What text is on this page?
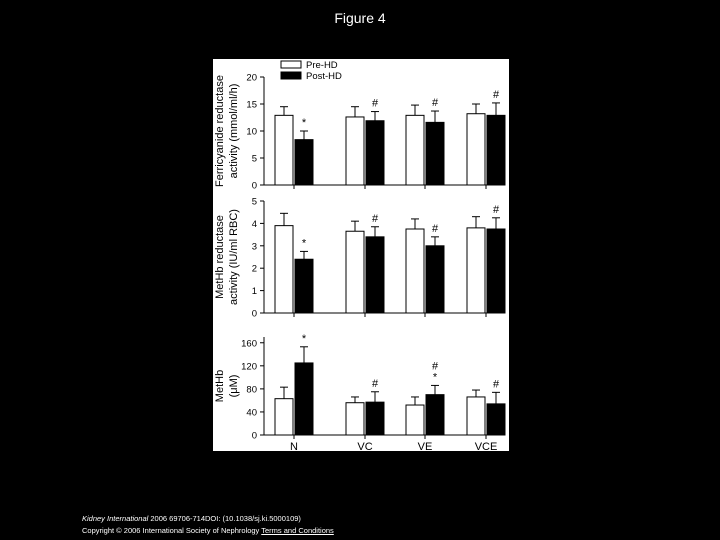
Figure 4
0
5
10
15
20
Ferricyanide reductase activity (mmol/ml/h)	*
#	#
#
Pre-HD
Post-HD
0
1
2
3
4
5
MetHb reductase activity (IU/ml RBC)	*
#
#
#
0
40
80
120
160
MetHb (μM)
*
#
#
*
#
N	VC	VE	VCE
Kidney International 2006 69706-714DOI: (10.1038/sj.ki.5000109)
Copyright © 2006 International Society of Nephrology Terms and Conditions
